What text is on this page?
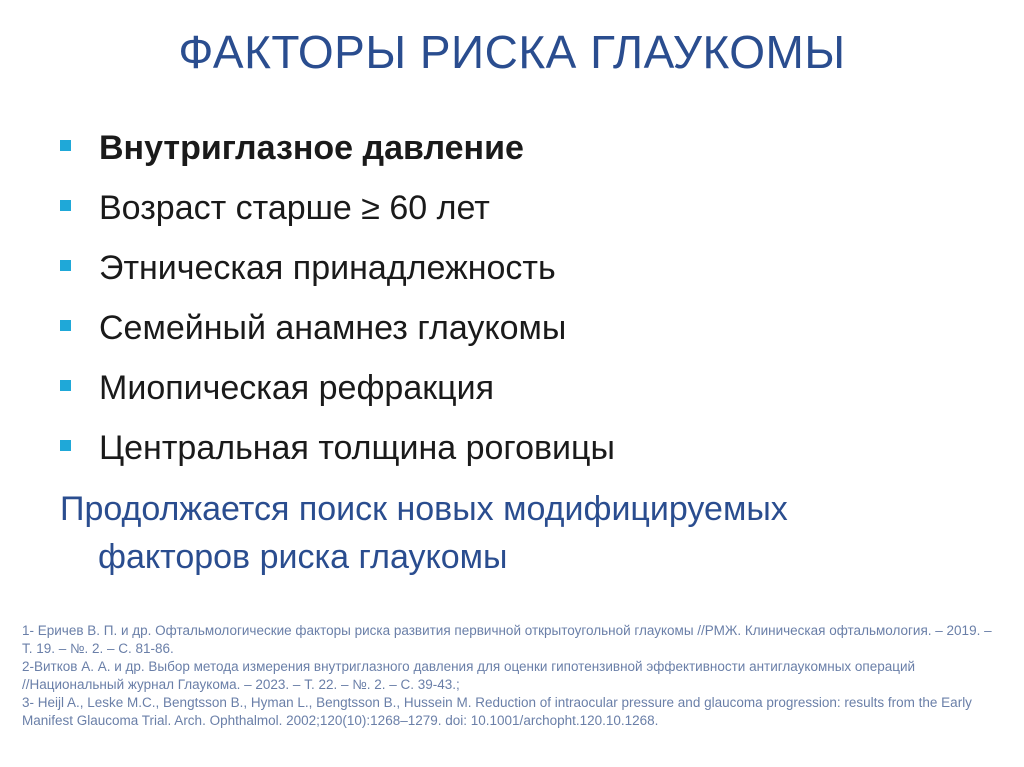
ФАКТОРЫ РИСКА ГЛАУКОМЫ
Внутриглазное давление
Возраст старше ≥ 60 лет
Этническая принадлежность
Семейный анамнез глаукомы
Миопическая рефракция
Центральная толщина роговицы

Продолжается поиск новых модифицируемых
факторов риска глаукомы

1- Еричев В. П. и др. Офтальмологические факторы риска развития первичной открытоугольной глаукомы //РМЖ. Клиническая офтальмология. – 2019. –
Т. 19. – №. 2. – С. 81-86.
2-Витков А. А. и др. Выбор метода измерения внутриглазного давления для оценки гипотензивной эффективности антиглаукомных операций
//Национальный журнал Глаукома. – 2023. – Т. 22. – №. 2. – С. 39-43.;
3- Heijl A., Leske M.C., Bengtsson B., Hyman L., Bengtsson B., Hussein M. Reduction of intraocular pressure and glaucoma progression: results from the Early
Manifest Glaucoma Trial. Arch. Ophthalmol. 2002;120(10):1268–1279. doi: 10.1001/archopht.120.10.1268.
